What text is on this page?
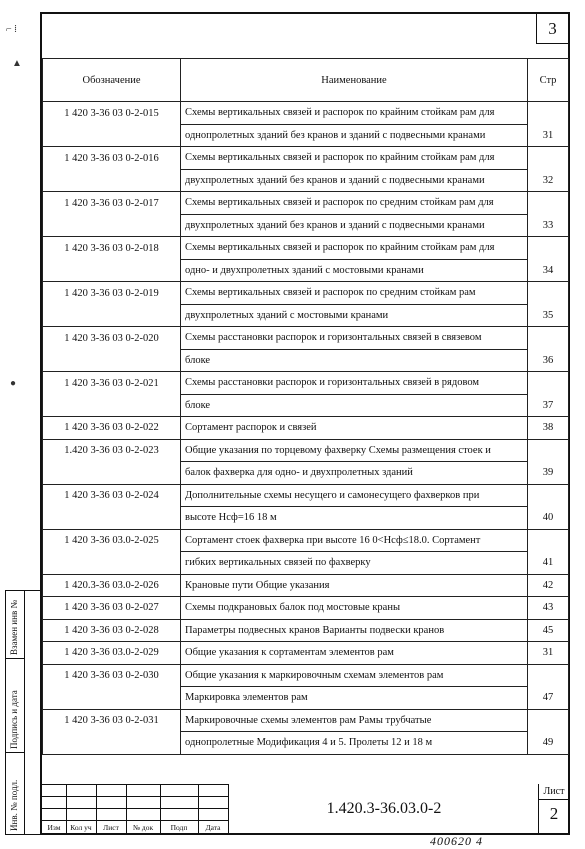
⌐ ⁞
▲
●
3
Обозначение	Наименование	Стр
1 420 3-36 03 0-2-015	Схемы вертикальных связей и распорок по крайним стойкам рам для	
	однопролетных зданий без кранов и зданий с подвесными кранами	31
1 420 3-36 03 0-2-016	Схемы вертикальных связей и распорок по крайним стойкам рам для	
	двухпролетных зданий без кранов и зданий с подвесными кранами	32
1 420 3-36 03 0-2-017	Схемы вертикальных связей и распорок по средним стойкам рам для	
	двухпролетных зданий без кранов и зданий с подвесными кранами	33
1 420 3-36 03 0-2-018	Схемы вертикальных связей и распорок по крайним стойкам рам для	
	одно- и двухпролетных зданий с мостовыми кранами	34
1 420 3-36 03 0-2-019	Схемы вертикальных связей и распорок по средним стойкам рам	
	двухпролетных зданий с мостовыми кранами	35
1 420 3-36 03 0-2-020	Схемы расстановки распорок и горизонтальных связей в связевом	
	блоке	36
1 420 3-36 03 0-2-021	Схемы расстановки распорок и горизонтальных связей в рядовом	
	блоке	37
1 420 3-36 03 0-2-022	Сортамент распорок и связей	38
1.420 3-36 03 0-2-023	Общие указания по торцевому фахверку Схемы размещения стоек и	
	балок фахверка для одно- и двухпролетных зданий	39
1 420 3-36 03 0-2-024	Дополнительные схемы несущего и самонесущего фахверков при	
	высоте Нсф=16 18 м	40
1 420 3-36 03.0-2-025	Сортамент стоек фахверка при высоте 16 0<Нсф≤18.0. Сортамент	
	гибких вертикальных связей по фахверку	41
1 420.3-36 03.0-2-026	Крановые пути Общие указания	42
1 420 3-36 03 0-2-027	Схемы подкрановых балок под мостовые краны	43
1 420 3-36 03 0-2-028	Параметры подвесных кранов Варианты подвески кранов	45
1 420 3-36 03.0-2-029	Общие указания к сортаментам элементов рам	31
1 420 3-36 03 0-2-030	Общие указания к маркировочным схемам элементов рам	
	Маркировка элементов рам	47
1 420 3-36 03 0-2-031	Маркировочные схемы элементов рам Рамы трубчатые	
	однопролетные Модификация 4 и 5. Пролеты 12 и 18 м	49
Взамен инв №
Подпись и дата
Инв. № подл.	Изм	Кол уч	Лист	№ док	Подп	Дата
1.420.3-36.03.0-2
Лист
2
400620 4
